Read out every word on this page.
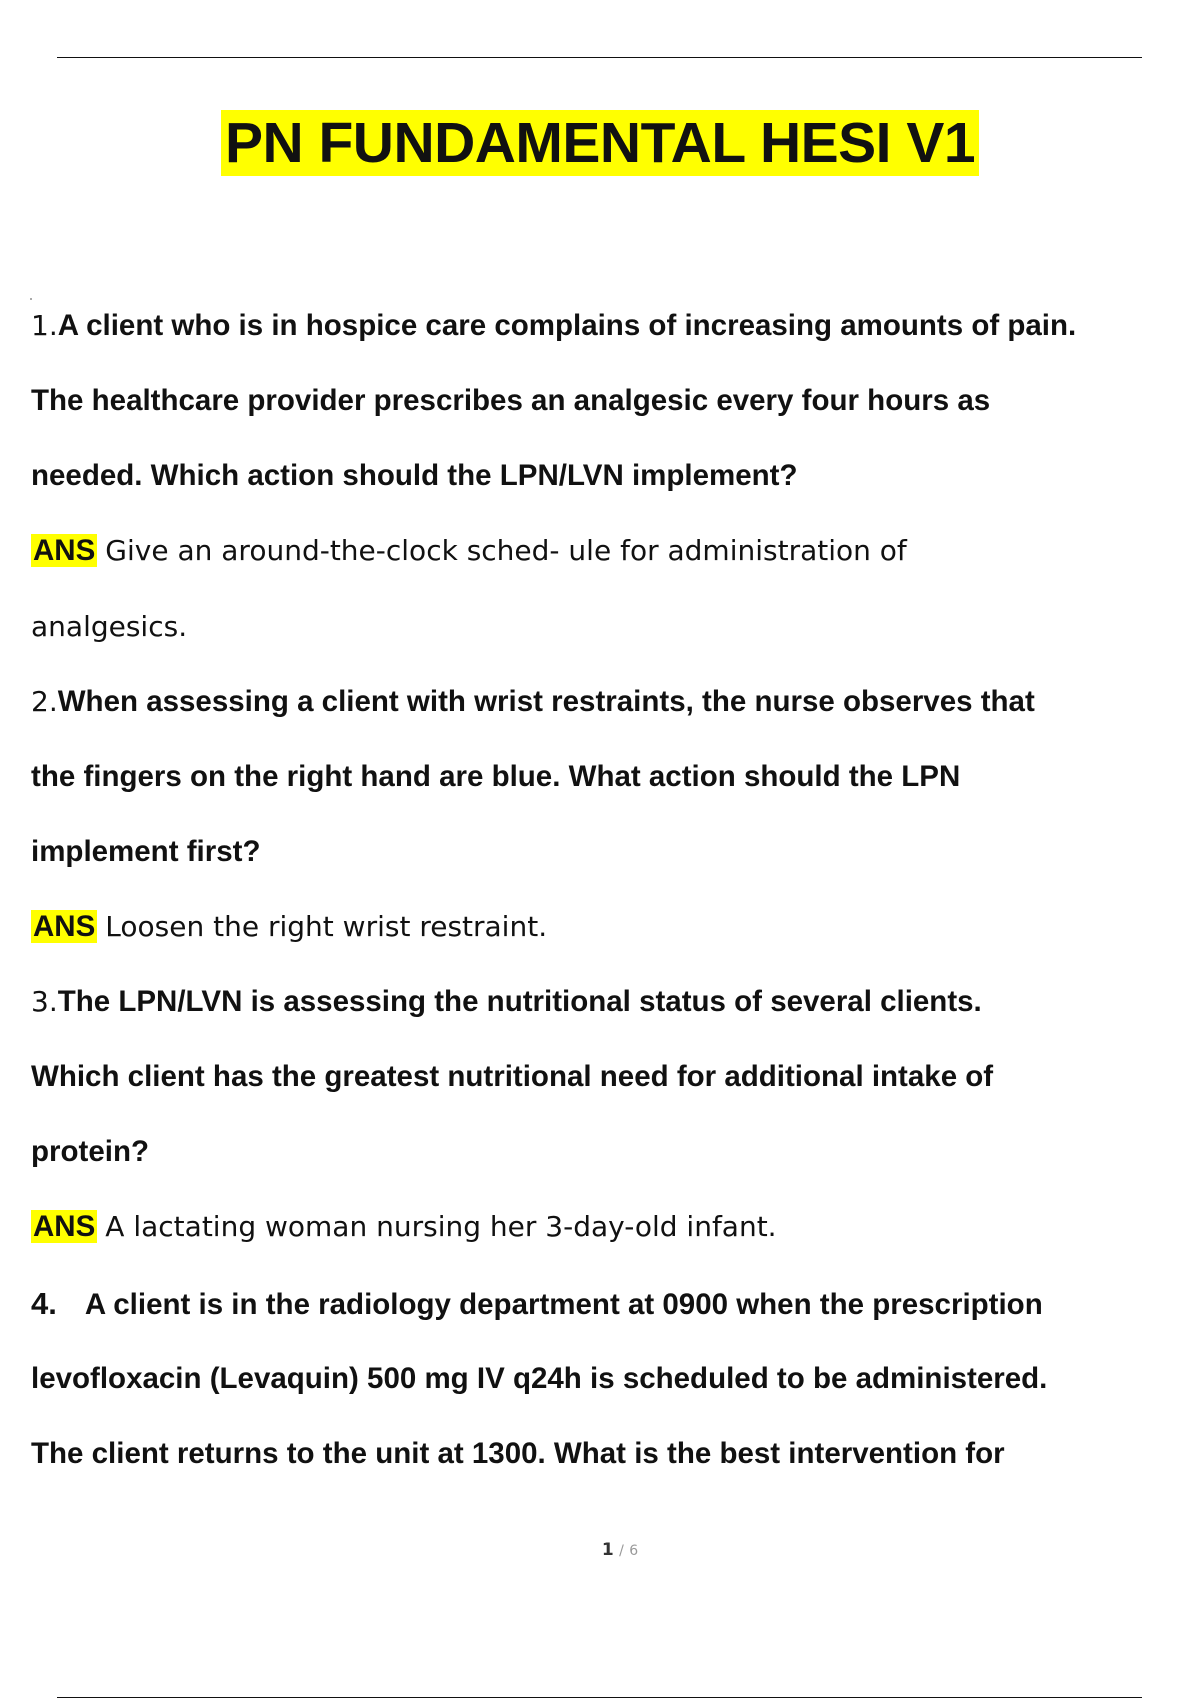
PN FUNDAMENTAL HESI V1
1.A client who is in hospice care complains of increasing amounts of pain.
The healthcare provider prescribes an analgesic every four hours as
needed. Which action should the LPN/LVN implement?
ANS Give an around-the-clock sched- ule for administration of
analgesics.
2.When assessing a client with wrist restraints, the nurse observes that
the fingers on the right hand are blue. What action should the LPN
implement first?
ANS Loosen the right wrist restraint.
3.The LPN/LVN is assessing the nutritional status of several clients.
Which client has the greatest nutritional need for additional intake of
protein?
ANS A lactating woman nursing her 3-day-old infant.
4. A client is in the radiology department at 0900 when the prescription
levofloxacin (Levaquin) 500 mg IV q24h is scheduled to be administered.
The client returns to the unit at 1300. What is the best intervention for
1 / 6
